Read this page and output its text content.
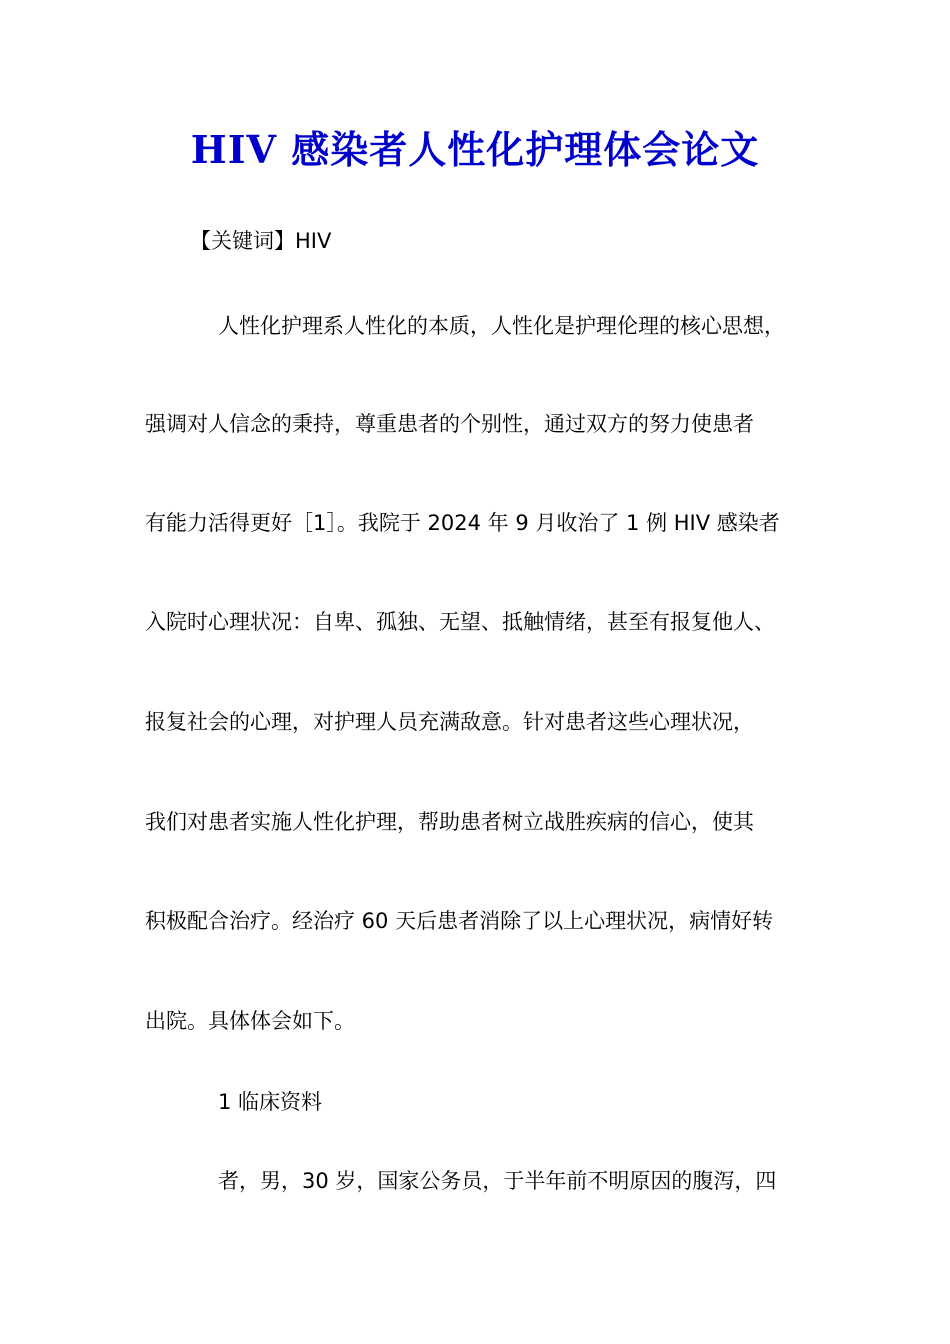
HIV 感染者人性化护理体会论文
【关键词】HIV
人性化护理系人性化的本质，人性化是护理伦理的核心思想，
强调对人信念的秉持，尊重患者的个别性，通过双方的努力使患者
有能力活得更好［1］。我院于 2024 年 9 月收治了 1 例 HIV 感染者
入院时心理状况：自卑、孤独、无望、抵触情绪，甚至有报复他人、
报复社会的心理，对护理人员充满敌意。针对患者这些心理状况，
我们对患者实施人性化护理，帮助患者树立战胜疾病的信心，使其
积极配合治疗。经治疗 60 天后患者消除了以上心理状况，病情好转
出院。具体体会如下。
1 临床资料
者，男，30 岁，国家公务员，于半年前不明原因的腹泻，四
